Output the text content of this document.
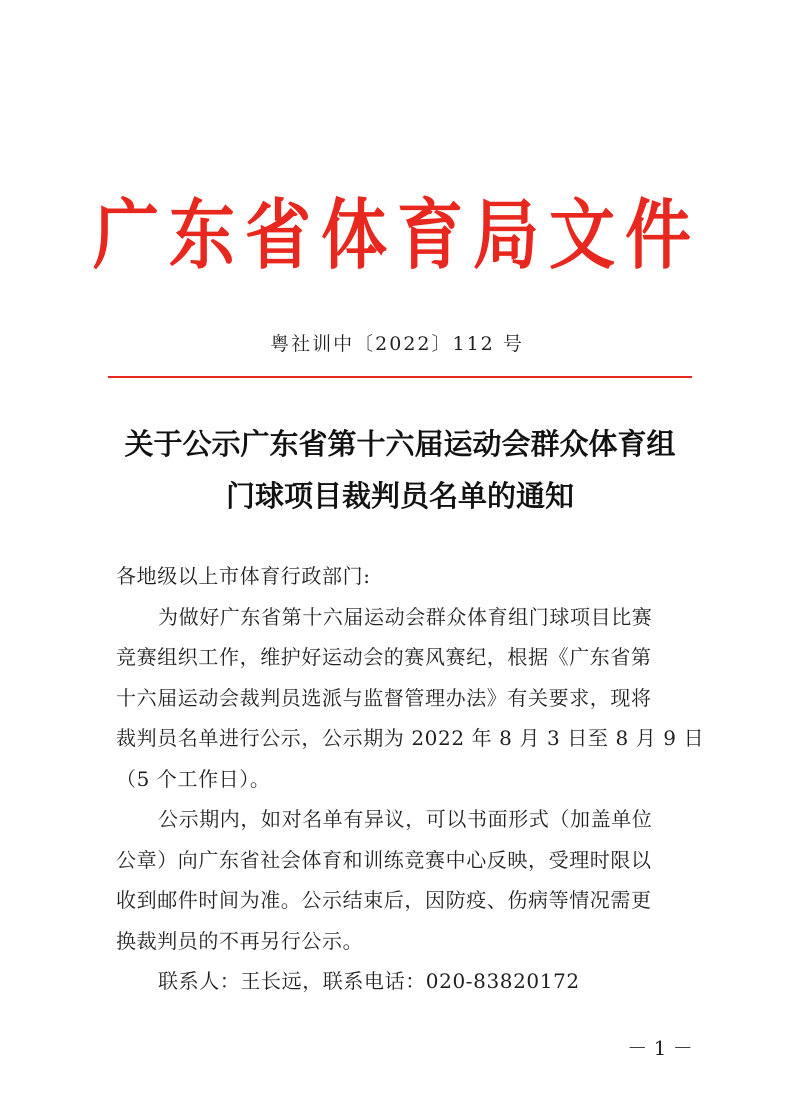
广东省体育局文件
粤社训中〔2022〕112 号
关于公示广东省第十六届运动会群众体育组
门球项目裁判员名单的通知
各地级以上市体育行政部门:
为做好广东省第十六届运动会群众体育组门球项目比赛
竞赛组织工作，维护好运动会的赛风赛纪，根据《广东省第
十六届运动会裁判员选派与监督管理办法》有关要求，现将
裁判员名单进行公示，公示期为 2022 年 8 月 3 日至 8 月 9 日
（5 个工作日）。
公示期内，如对名单有异议，可以书面形式（加盖单位
公章）向广东省社会体育和训练竞赛中心反映，受理时限以
收到邮件时间为准。公示结束后，因防疫、伤病等情况需更
换裁判员的不再另行公示。
联系人：王长远，联系电话：020-83820172
－ 1 －
